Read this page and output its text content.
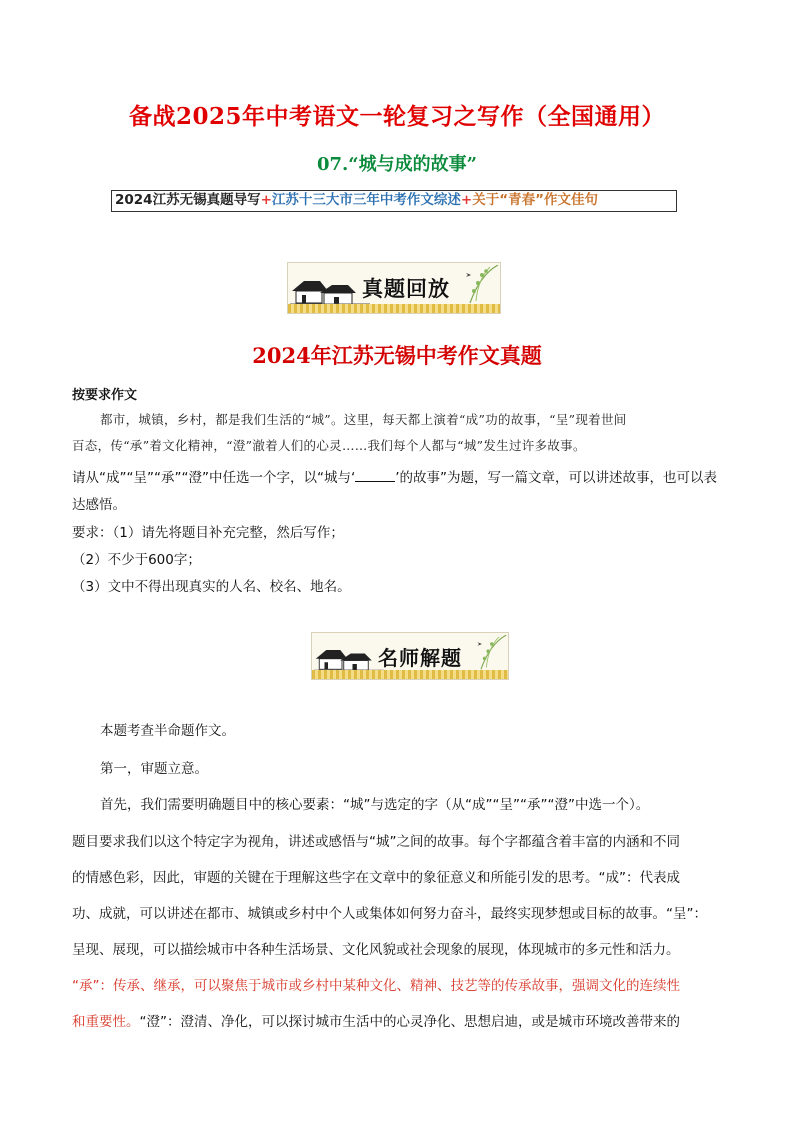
备战2025年中考语文一轮复习之写作（全国通用）
07.“城与成的故事”
2024江苏无锡真题导写+江苏十三大市三年中考作文综述+关于“青春”作文佳句
真题回放
2024年江苏无锡中考作文真题
按要求作文
都市，城镇，乡村，都是我们生活的“城”。这里，每天都上演着“成”功的故事，“呈”现着世间
百态，传“承”着文化精神，“澄”澈着人们的心灵……我们每个人都与“城”发生过许多故事。
请从“成”“呈”“承”“澄”中任选一个字，以“城与‘	’的故事”为题，写一篇文章，可以讲述故事，也可以表
达感悟。
要求：（1）请先将题目补充完整，然后写作；
（2）不少于600字；
（3）文中不得出现真实的人名、校名、地名。
名师解题
本题考查半命题作文。
第一，审题立意。
首先，我们需要明确题目中的核心要素：“城”与选定的字（从“成”“呈”“承”“澄”中选一个）。
题目要求我们以这个特定字为视角，讲述或感悟与“城”之间的故事。每个字都蕴含着丰富的内涵和不同
的情感色彩，因此，审题的关键在于理解这些字在文章中的象征意义和所能引发的思考。“成”：代表成
功、成就，可以讲述在都市、城镇或乡村中个人或集体如何努力奋斗，最终实现梦想或目标的故事。“呈”：
呈现、展现，可以描绘城市中各种生活场景、文化风貌或社会现象的展现，体现城市的多元性和活力。
“承”：传承、继承，可以聚焦于城市或乡村中某种文化、精神、技艺等的传承故事，强调文化的连续性
和重要性。“澄”：澄清、净化，可以探讨城市生活中的心灵净化、思想启迪，或是城市环境改善带来的
